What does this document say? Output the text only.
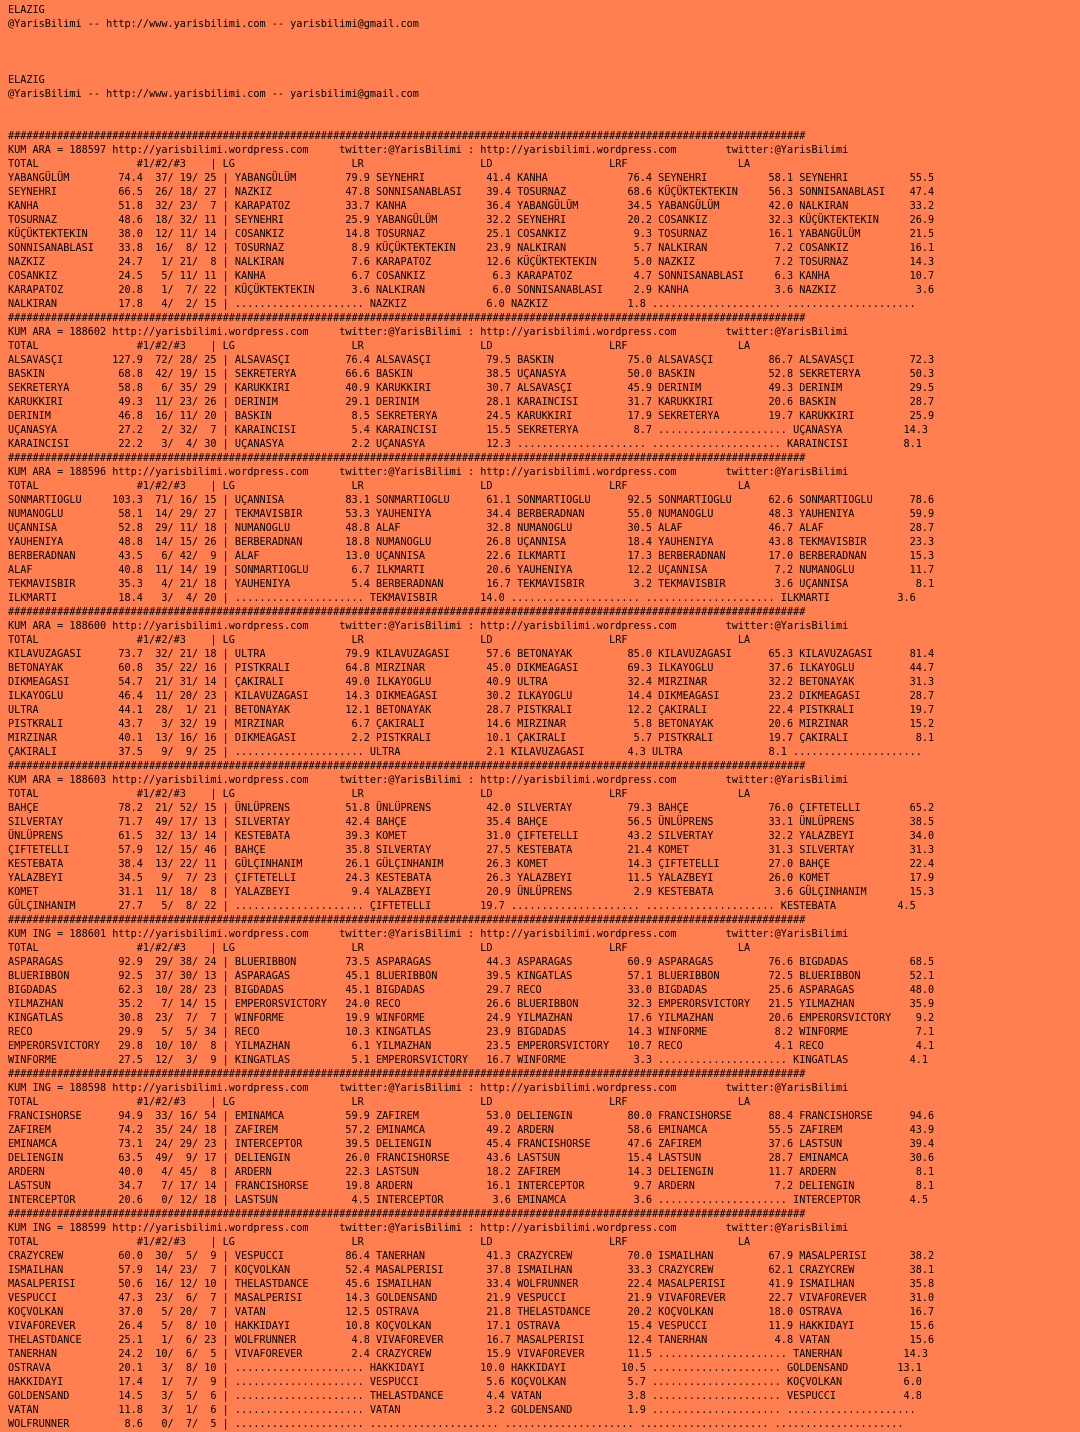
ELAZIG
@YarisBilimi -- http://www.yarisbilimi.com -- yarisbilimi@gmail.com
ELAZIG
@YarisBilimi -- http://www.yarisbilimi.com -- yarisbilimi@gmail.com
##################################################################################################################################
KUM ARA = 188597 http://yarisbilimi.wordpress.com     twitter:@YarisBilimi : http://yarisbilimi.wordpress.com        twitter:@YarisBilimi
TOTAL                #1/#2/#3    | LG                   LR                   LD                   LRF                  LA
YABANGÜLÜM        74.4  37/ 19/ 25 | YABANGÜLÜM        79.9 SEYNEHRI          41.4 KANHA             76.4 SEYNEHRI          58.1 SEYNEHRI          55.5
SEYNEHRI          66.5  26/ 18/ 27 | NAZKIZ            47.8 SONNISANABLASI    39.4 TOSURNAZ          68.6 KÜÇÜKTEKTEKIN     56.3 SONNISANABLASI    47.4
KANHA             51.8  32/ 23/  7 | KARAPATOZ         33.7 KANHA             36.4 YABANGÜLÜM        34.5 YABANGÜLÜM        42.0 NALKIRAN          33.2
TOSURNAZ          48.6  18/ 32/ 11 | SEYNEHRI          25.9 YABANGÜLÜM        32.2 SEYNEHRI          20.2 COSANKIZ          32.3 KÜÇÜKTEKTEKIN     26.9
KÜÇÜKTEKTEKIN     38.0  12/ 11/ 14 | COSANKIZ          14.8 TOSURNAZ          25.1 COSANKIZ           9.3 TOSURNAZ          16.1 YABANGÜLÜM        21.5
SONNISANABLASI    33.8  16/  8/ 12 | TOSURNAZ           8.9 KÜÇÜKTEKTEKIN     23.9 NALKIRAN           5.7 NALKIRAN           7.2 COSANKIZ          16.1
NAZKIZ            24.7   1/ 21/  8 | NALKIRAN           7.6 KARAPATOZ         12.6 KÜÇÜKTEKTEKIN      5.0 NAZKIZ             7.2 TOSURNAZ          14.3
COSANKIZ          24.5   5/ 11/ 11 | KANHA              6.7 COSANKIZ           6.3 KARAPATOZ          4.7 SONNISANABLASI     6.3 KANHA             10.7
KARAPATOZ         20.8   1/  7/ 22 | KÜÇÜKTEKTEKIN      3.6 NALKIRAN           6.0 SONNISANABLASI     2.9 KANHA              3.6 NAZKIZ             3.6
NALKIRAN          17.8   4/  2/ 15 | ..................... NAZKIZ             6.0 NAZKIZ             1.8 ..................... .....................
##################################################################################################################################
KUM ARA = 188602 http://yarisbilimi.wordpress.com     twitter:@YarisBilimi : http://yarisbilimi.wordpress.com        twitter:@YarisBilimi
TOTAL                #1/#2/#3    | LG                   LR                   LD                   LRF                  LA
ALSAVASÇI        127.9  72/ 28/ 25 | ALSAVASÇI         76.4 ALSAVASÇI         79.5 BASKIN            75.0 ALSAVASÇI         86.7 ALSAVASÇI         72.3
BASKIN            68.8  42/ 19/ 15 | SEKRETERYA        66.6 BASKIN            38.5 UÇANASYA          50.0 BASKIN            52.8 SEKRETERYA        50.3
SEKRETERYA        58.8   6/ 35/ 29 | KARUKKIRI         40.9 KARUKKIRI         30.7 ALSAVASÇI         45.9 DERINIM           49.3 DERINIM           29.5
KARUKKIRI         49.3  11/ 23/ 26 | DERINIM           29.1 DERINIM           28.1 KARAINCISI        31.7 KARUKKIRI         20.6 BASKIN            28.7
DERINIM           46.8  16/ 11/ 20 | BASKIN             8.5 SEKRETERYA        24.5 KARUKKIRI         17.9 SEKRETERYA        19.7 KARUKKIRI         25.9
UÇANASYA          27.2   2/ 32/  7 | KARAINCISI         5.4 KARAINCISI        15.5 SEKRETERYA         8.7 ..................... UÇANASYA          14.3
KARAINCISI        22.2   3/  4/ 30 | UÇANASYA           2.2 UÇANASYA          12.3 ..................... ..................... KARAINCISI         8.1
##################################################################################################################################
KUM ARA = 188596 http://yarisbilimi.wordpress.com     twitter:@YarisBilimi : http://yarisbilimi.wordpress.com        twitter:@YarisBilimi
TOTAL                #1/#2/#3    | LG                   LR                   LD                   LRF                  LA
SONMARTIOGLU     103.3  71/ 16/ 15 | UÇANNISA          83.1 SONMARTIOGLU      61.1 SONMARTIOGLU      92.5 SONMARTIOGLU      62.6 SONMARTIOGLU      78.6
NUMANOGLU         58.1  14/ 29/ 27 | TEKMAVISBIR       53.3 YAUHENIYA         34.4 BERBERADNAN       55.0 NUMANOGLU         48.3 YAUHENIYA         59.9
UÇANNISA          52.8  29/ 11/ 18 | NUMANOGLU         48.8 ALAF              32.8 NUMANOGLU         30.5 ALAF              46.7 ALAF              28.7
YAUHENIYA         48.8  14/ 15/ 26 | BERBERADNAN       18.8 NUMANOGLU         26.8 UÇANNISA          18.4 YAUHENIYA         43.8 TEKMAVISBIR       23.3
BERBERADNAN       43.5   6/ 42/  9 | ALAF              13.0 UÇANNISA          22.6 ILKMARTI          17.3 BERBERADNAN       17.0 BERBERADNAN       15.3
ALAF              40.8  11/ 14/ 19 | SONMARTIOGLU       6.7 ILKMARTI          20.6 YAUHENIYA         12.2 UÇANNISA           7.2 NUMANOGLU         11.7
TEKMAVISBIR       35.3   4/ 21/ 18 | YAUHENIYA          5.4 BERBERADNAN       16.7 TEKMAVISBIR        3.2 TEKMAVISBIR        3.6 UÇANNISA           8.1
ILKMARTI          18.4   3/  4/ 20 | ..................... TEKMAVISBIR       14.0 ..................... ..................... ILKMARTI           3.6
##################################################################################################################################
KUM ARA = 188600 http://yarisbilimi.wordpress.com     twitter:@YarisBilimi : http://yarisbilimi.wordpress.com        twitter:@YarisBilimi
TOTAL                #1/#2/#3    | LG                   LR                   LD                   LRF                  LA
KILAVUZAGASI      73.7  32/ 21/ 18 | ULTRA             79.9 KILAVUZAGASI      57.6 BETONAYAK         85.0 KILAVUZAGASI      65.3 KILAVUZAGASI      81.4
BETONAYAK         60.8  35/ 22/ 16 | PISTKRALI         64.8 MIRZINAR          45.0 DIKMEAGASI        69.3 ILKAYOGLU         37.6 ILKAYOGLU         44.7
DIKMEAGASI        54.7  21/ 31/ 14 | ÇAKIRALI          49.0 ILKAYOGLU         40.9 ULTRA             32.4 MIRZINAR          32.2 BETONAYAK         31.3
ILKAYOGLU         46.4  11/ 20/ 23 | KILAVUZAGASI      14.3 DIKMEAGASI        30.2 ILKAYOGLU         14.4 DIKMEAGASI        23.2 DIKMEAGASI        28.7
ULTRA             44.1  28/  1/ 21 | BETONAYAK         12.1 BETONAYAK         28.7 PISTKRALI         12.2 ÇAKIRALI          22.4 PISTKRALI         19.7
PISTKRALI         43.7   3/ 32/ 19 | MIRZINAR           6.7 ÇAKIRALI          14.6 MIRZINAR           5.8 BETONAYAK         20.6 MIRZINAR          15.2
MIRZINAR          40.1  13/ 16/ 16 | DIKMEAGASI         2.2 PISTKRALI         10.1 ÇAKIRALI           5.7 PISTKRALI         19.7 ÇAKIRALI           8.1
ÇAKIRALI          37.5   9/  9/ 25 | ..................... ULTRA              2.1 KILAVUZAGASI       4.3 ULTRA              8.1 .....................
##################################################################################################################################
KUM ARA = 188603 http://yarisbilimi.wordpress.com     twitter:@YarisBilimi : http://yarisbilimi.wordpress.com        twitter:@YarisBilimi
TOTAL                #1/#2/#3    | LG                   LR                   LD                   LRF                  LA
BAHÇE             78.2  21/ 52/ 15 | ÜNLÜPRENS         51.8 ÜNLÜPRENS         42.0 SILVERTAY         79.3 BAHÇE             76.0 ÇIFTETELLI        65.2
SILVERTAY         71.7  49/ 17/ 13 | SILVERTAY         42.4 BAHÇE             35.4 BAHÇE             56.5 ÜNLÜPRENS         33.1 ÜNLÜPRENS         38.5
ÜNLÜPRENS         61.5  32/ 13/ 14 | KESTEBATA         39.3 KOMET             31.0 ÇIFTETELLI        43.2 SILVERTAY         32.2 YALAZBEYI         34.0
ÇIFTETELLI        57.9  12/ 15/ 46 | BAHÇE             35.8 SILVERTAY         27.5 KESTEBATA         21.4 KOMET             31.3 SILVERTAY         31.3
KESTEBATA         38.4  13/ 22/ 11 | GÜLÇINHANIM       26.1 GÜLÇINHANIM       26.3 KOMET             14.3 ÇIFTETELLI        27.0 BAHÇE             22.4
YALAZBEYI         34.5   9/  7/ 23 | ÇIFTETELLI        24.3 KESTEBATA         26.3 YALAZBEYI         11.5 YALAZBEYI         26.0 KOMET             17.9
KOMET             31.1  11/ 18/  8 | YALAZBEYI          9.4 YALAZBEYI         20.9 ÜNLÜPRENS          2.9 KESTEBATA          3.6 GÜLÇINHANIM       15.3
GÜLÇINHANIM       27.7   5/  8/ 22 | ..................... ÇIFTETELLI        19.7 ..................... ..................... KESTEBATA          4.5
##################################################################################################################################
KUM ING = 188601 http://yarisbilimi.wordpress.com     twitter:@YarisBilimi : http://yarisbilimi.wordpress.com        twitter:@YarisBilimi
TOTAL                #1/#2/#3    | LG                   LR                   LD                   LRF                  LA
ASPARAGAS         92.9  29/ 38/ 24 | BLUERIBBON        73.5 ASPARAGAS         44.3 ASPARAGAS         60.9 ASPARAGAS         76.6 BIGDADAS          68.5
BLUERIBBON        92.5  37/ 30/ 13 | ASPARAGAS         45.1 BLUERIBBON        39.5 KINGATLAS         57.1 BLUERIBBON        72.5 BLUERIBBON        52.1
BIGDADAS          62.3  10/ 28/ 23 | BIGDADAS          45.1 BIGDADAS          29.7 RECO              33.0 BIGDADAS          25.6 ASPARAGAS         48.0
YILMAZHAN         35.2   7/ 14/ 15 | EMPERORSVICTORY   24.0 RECO              26.6 BLUERIBBON        32.3 EMPERORSVICTORY   21.5 YILMAZHAN         35.9
KINGATLAS         30.8  23/  7/  7 | WINFORME          19.9 WINFORME          24.9 YILMAZHAN         17.6 YILMAZHAN         20.6 EMPERORSVICTORY    9.2
RECO              29.9   5/  5/ 34 | RECO              10.3 KINGATLAS         23.9 BIGDADAS          14.3 WINFORME           8.2 WINFORME           7.1
EMPERORSVICTORY   29.8  10/ 10/  8 | YILMAZHAN          6.1 YILMAZHAN         23.5 EMPERORSVICTORY   10.7 RECO               4.1 RECO               4.1
WINFORME          27.5  12/  3/  9 | KINGATLAS          5.1 EMPERORSVICTORY   16.7 WINFORME           3.3 ..................... KINGATLAS          4.1
##################################################################################################################################
KUM ING = 188598 http://yarisbilimi.wordpress.com     twitter:@YarisBilimi : http://yarisbilimi.wordpress.com        twitter:@YarisBilimi
TOTAL                #1/#2/#3    | LG                   LR                   LD                   LRF                  LA
FRANCISHORSE      94.9  33/ 16/ 54 | EMINAMCA          59.9 ZAFIREM           53.0 DELIENGIN         80.0 FRANCISHORSE      88.4 FRANCISHORSE      94.6
ZAFIREM           74.2  35/ 24/ 18 | ZAFIREM           57.2 EMINAMCA          49.2 ARDERN            58.6 EMINAMCA          55.5 ZAFIREM           43.9
EMINAMCA          73.1  24/ 29/ 23 | INTERCEPTOR       39.5 DELIENGIN         45.4 FRANCISHORSE      47.6 ZAFIREM           37.6 LASTSUN           39.4
DELIENGIN         63.5  49/  9/ 17 | DELIENGIN         26.0 FRANCISHORSE      43.6 LASTSUN           15.4 LASTSUN           28.7 EMINAMCA          30.6
ARDERN            40.0   4/ 45/  8 | ARDERN            22.3 LASTSUN           18.2 ZAFIREM           14.3 DELIENGIN         11.7 ARDERN             8.1
LASTSUN           34.7   7/ 17/ 14 | FRANCISHORSE      19.8 ARDERN            16.1 INTERCEPTOR        9.7 ARDERN             7.2 DELIENGIN          8.1
INTERCEPTOR       20.6   0/ 12/ 18 | LASTSUN            4.5 INTERCEPTOR        3.6 EMINAMCA           3.6 ..................... INTERCEPTOR        4.5
##################################################################################################################################
KUM ING = 188599 http://yarisbilimi.wordpress.com     twitter:@YarisBilimi : http://yarisbilimi.wordpress.com        twitter:@YarisBilimi
TOTAL                #1/#2/#3    | LG                   LR                   LD                   LRF                  LA
CRAZYCREW         60.0  30/  5/  9 | VESPUCCI          86.4 TANERHAN          41.3 CRAZYCREW         70.0 ISMAILHAN         67.9 MASALPERISI       38.2
ISMAILHAN         57.9  14/ 23/  7 | KOÇVOLKAN         52.4 MASALPERISI       37.8 ISMAILHAN         33.3 CRAZYCREW         62.1 CRAZYCREW         38.1
MASALPERISI       50.6  16/ 12/ 10 | THELASTDANCE      45.6 ISMAILHAN         33.4 WOLFRUNNER        22.4 MASALPERISI       41.9 ISMAILHAN         35.8
VESPUCCI          47.3  23/  6/  7 | MASALPERISI       14.3 GOLDENSAND        21.9 VESPUCCI          21.9 VIVAFOREVER       22.7 VIVAFOREVER       31.0
KOÇVOLKAN         37.0   5/ 20/  7 | VATAN             12.5 OSTRAVA           21.8 THELASTDANCE      20.2 KOÇVOLKAN         18.0 OSTRAVA           16.7
VIVAFOREVER       26.4   5/  8/ 10 | HAKKIDAYI         10.8 KOÇVOLKAN         17.1 OSTRAVA           15.4 VESPUCCI          11.9 HAKKIDAYI         15.6
THELASTDANCE      25.1   1/  6/ 23 | WOLFRUNNER         4.8 VIVAFOREVER       16.7 MASALPERISI       12.4 TANERHAN           4.8 VATAN             15.6
TANERHAN          24.2  10/  6/  5 | VIVAFOREVER        2.4 CRAZYCREW         15.9 VIVAFOREVER       11.5 ..................... TANERHAN          14.3
OSTRAVA           20.1   3/  8/ 10 | ..................... HAKKIDAYI         10.0 HAKKIDAYI         10.5 ..................... GOLDENSAND        13.1
HAKKIDAYI         17.4   1/  7/  9 | ..................... VESPUCCI           5.6 KOÇVOLKAN          5.7 ..................... KOÇVOLKAN          6.0
GOLDENSAND        14.5   3/  5/  6 | ..................... THELASTDANCE       4.4 VATAN              3.8 ..................... VESPUCCI           4.8
VATAN             11.8   3/  1/  6 | ..................... VATAN              3.2 GOLDENSAND         1.9 ..................... .....................
WOLFRUNNER         8.6   0/  7/  5 | ..................... ..................... ..................... ..................... .....................
